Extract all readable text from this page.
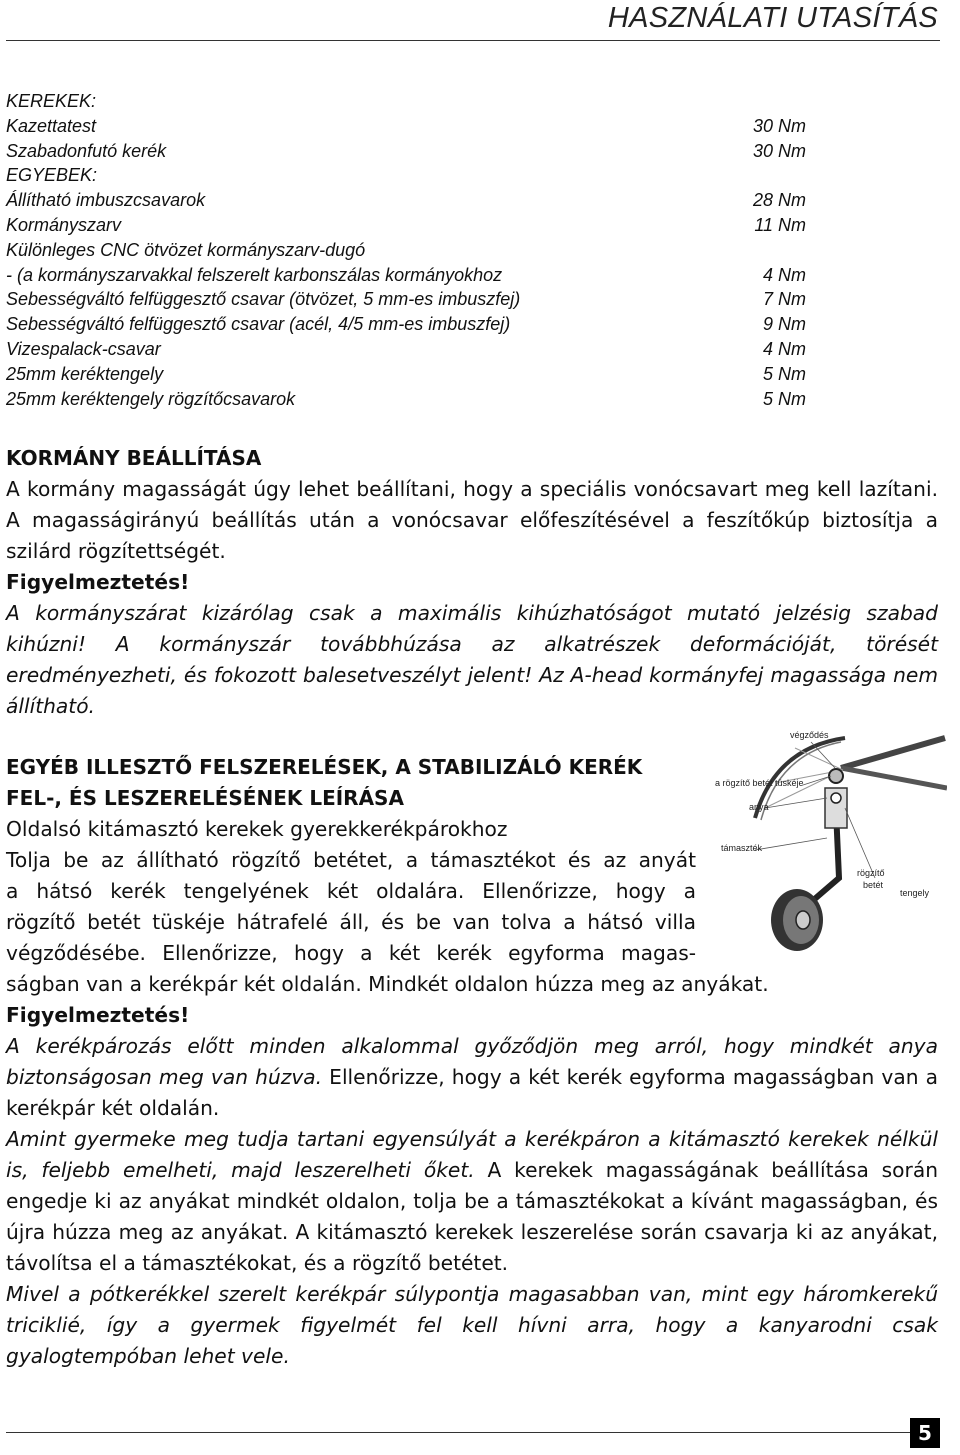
HASZNÁLATI UTASÍTÁS
KEREKEK:
Kazettatest	30 Nm
Szabadonfutó kerék	30 Nm
EGYEBEK:
Állítható imbuszcsavarok	28 Nm
Kormányszarv	11 Nm
Különleges CNC ötvözet kormányszarv-dugó
- (a kormányszarvakkal felszerelt karbonszálas kormányokhoz	4 Nm
Sebességváltó felfüggesztő csavar (ötvözet, 5 mm-es imbuszfej)	7 Nm
Sebességváltó felfüggesztő csavar (acél, 4/5 mm-es imbuszfej)	9 Nm
Vizespalack-csavar	4 Nm
25mm keréktengely	5 Nm
25mm keréktengely rögzítőcsavarok	5 Nm
KORMÁNY BEÁLLÍTÁSA

A kormány magasságát úgy lehet beállítani, hogy a speciális vonócsavart meg kell lazítani. A magasságirányú beállítás után a vonócsavar előfeszítésével a feszítőkúp biztosítja a szilárd rögzítettségét.

Figyelmeztetés!

A kormányszárat kizárólag csak a maximális kihúzhatóságot mutató jelzésig szabad kihúzni! A kormányszár továbbhúzása az alkatrészek deformációját, törését eredményezheti, és fokozott balesetveszélyt jelent! Az A-head kormányfej magassága nem állítható.

EGYÉB ILLESZTŐ FELSZERELÉSEK, A STABILIZÁLÓ KERÉK
FEL-, ÉS LESZERELÉSÉNEK LEÍRÁSA
Oldalsó kitámasztó kerekek gyerekkerékpárokhoz
Tolja be az állítható rögzítő betétet, a támasztékot és az anyát
a hátsó kerék tengelyének két oldalára. Ellenőrizze, hogy a
rögzítő betét tüskéje hátrafelé áll, és be van tolva a hátsó villa
végződésébe. Ellenőrizze, hogy a két kerék egyforma magas-
ságban van a kerékpár két oldalán. Mindkét oldalon húzza meg az anyákat.
Figyelmeztetés!

A kerékpározás előtt minden alkalommal győződjön meg arról, hogy mindkét anya biztonságosan meg van húzva. Ellenőrizze, hogy a két kerék egyforma magasságban van a kerékpár két oldalán.

Amint gyermeke meg tudja tartani egyensúlyát a kerékpáron a kitámasztó kerekek nélkül is, feljebb emelheti, majd leszerelheti őket. A kerekek magasságának beállítása során engedje ki az anyákat mindkét oldalon, tolja be a támasztékokat a kívánt magasságban, és újra húzza meg az anyákat. A kitámasztó kerekek leszerelése során csavarja ki az anyákat, távolítsa el a támasztékokat, és a rögzítő betétet.

Mivel a pótkerékkel szerelt kerékpár súlypontja magasabban van, mint egy háromkerekű triciklié, így a gyermek figyelmét fel kell hívni arra, hogy a kanyarodni csak gyalogtempóban lehet vele.

végződés
a rögzítő betét tüskéje
anya
támaszték
rögzítő
betét
tengely
5
